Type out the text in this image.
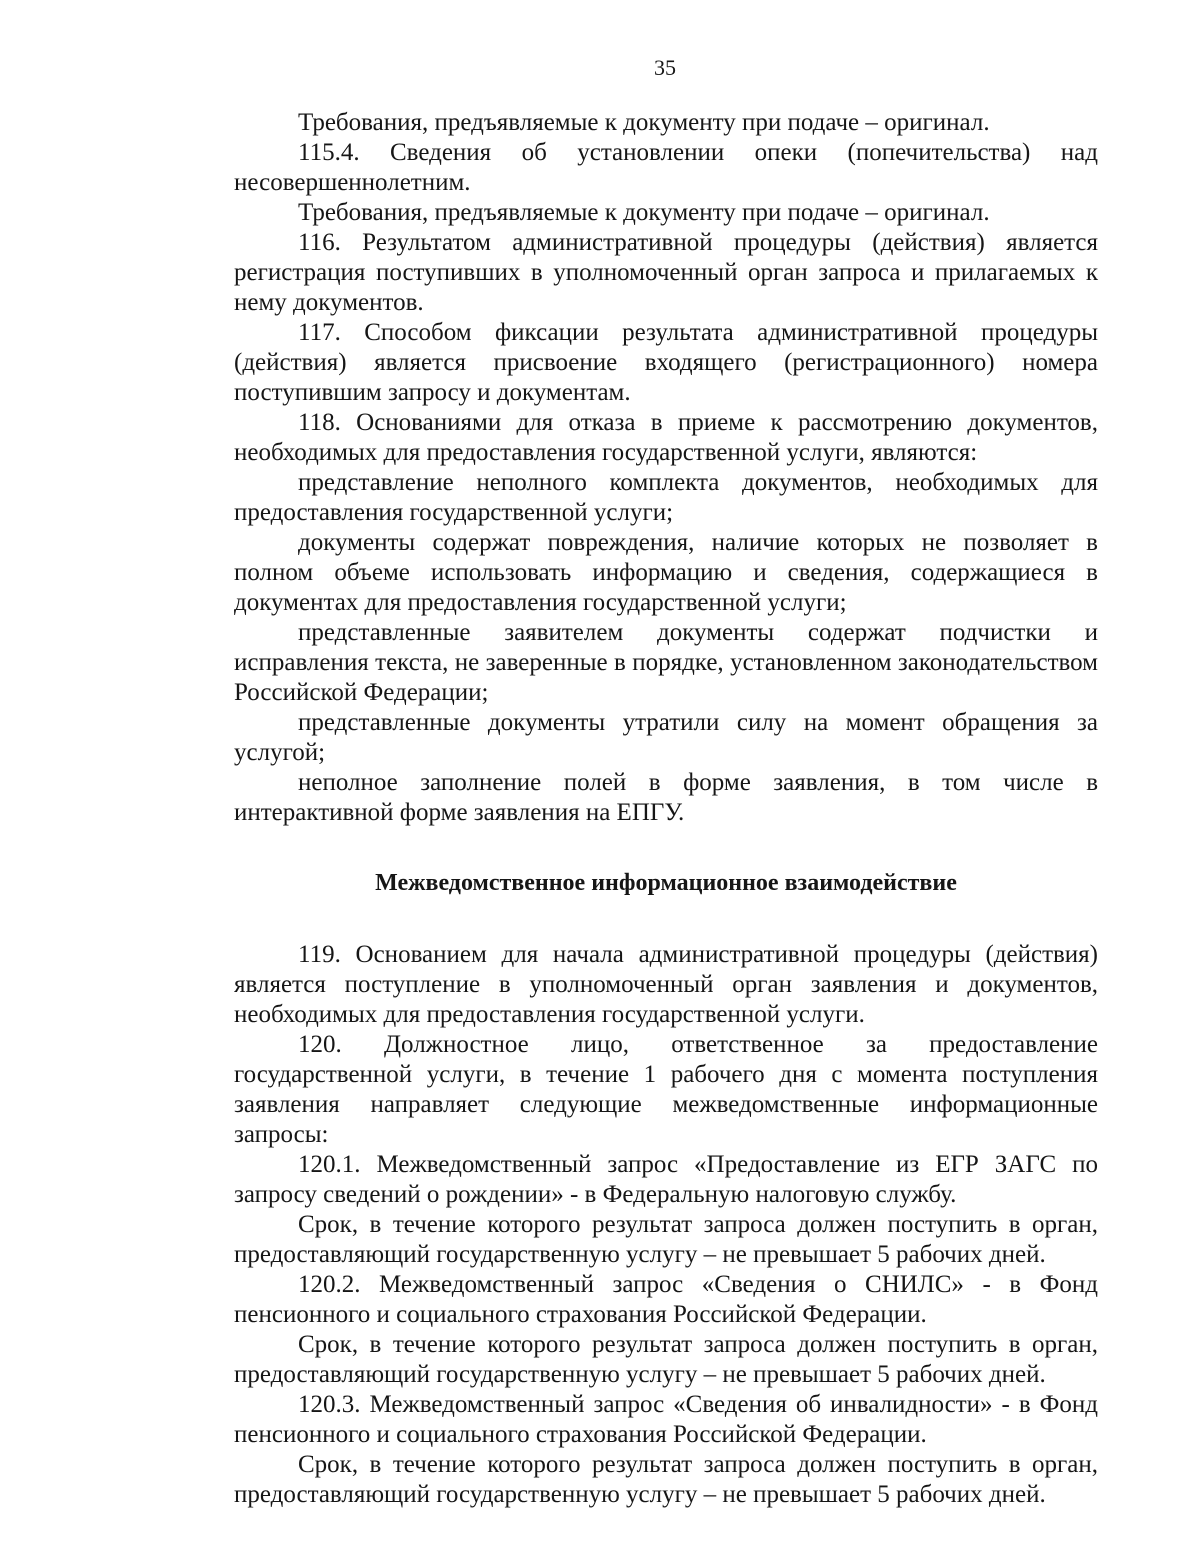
35

Требования, предъявляемые к документу при подаче – оригинал.

115.4. Сведения об установлении опеки (попечительства) над несовершеннолетним.

Требования, предъявляемые к документу при подаче – оригинал.

116. Результатом административной процедуры (действия) является регистрация поступивших в уполномоченный орган запроса и прилагаемых к нему документов.

117. Способом фиксации результата административной процедуры (действия) является присвоение входящего (регистрационного) номера поступившим запросу и документам.

118. Основаниями для отказа в приеме к рассмотрению документов, необходимых для предоставления государственной услуги, являются:

представление неполного комплекта документов, необходимых для предоставления государственной услуги;

документы содержат повреждения, наличие которых не позволяет в полном объеме использовать информацию и сведения, содержащиеся в документах для предоставления государственной услуги;

представленные заявителем документы содержат подчистки и исправления текста, не заверенные в порядке, установленном законодательством Российской Федерации;

представленные документы утратили силу на момент обращения за услугой;

неполное заполнение полей в форме заявления, в том числе в интерактивной форме заявления на ЕПГУ.

Межведомственное информационное взаимодействие

119. Основанием для начала административной процедуры (действия) является поступление в уполномоченный орган заявления и документов, необходимых для предоставления государственной услуги.

120. Должностное лицо, ответственное за предоставление государственной услуги, в течение 1 рабочего дня с момента поступления заявления направляет следующие межведомственные информационные запросы:

120.1. Межведомственный запрос «Предоставление из ЕГР ЗАГС по запросу сведений о рождении» - в Федеральную налоговую службу.

Срок, в течение которого результат запроса должен поступить в орган, предоставляющий государственную услугу – не превышает 5 рабочих дней.

120.2. Межведомственный запрос «Сведения о СНИЛС» - в Фонд пенсионного и социального страхования Российской Федерации.

Срок, в течение которого результат запроса должен поступить в орган, предоставляющий государственную услугу – не превышает 5 рабочих дней.

120.3. Межведомственный запрос «Сведения об инвалидности» - в Фонд пенсионного и социального страхования Российской Федерации.

Срок, в течение которого результат запроса должен поступить в орган, предоставляющий государственную услугу – не превышает 5 рабочих дней.
